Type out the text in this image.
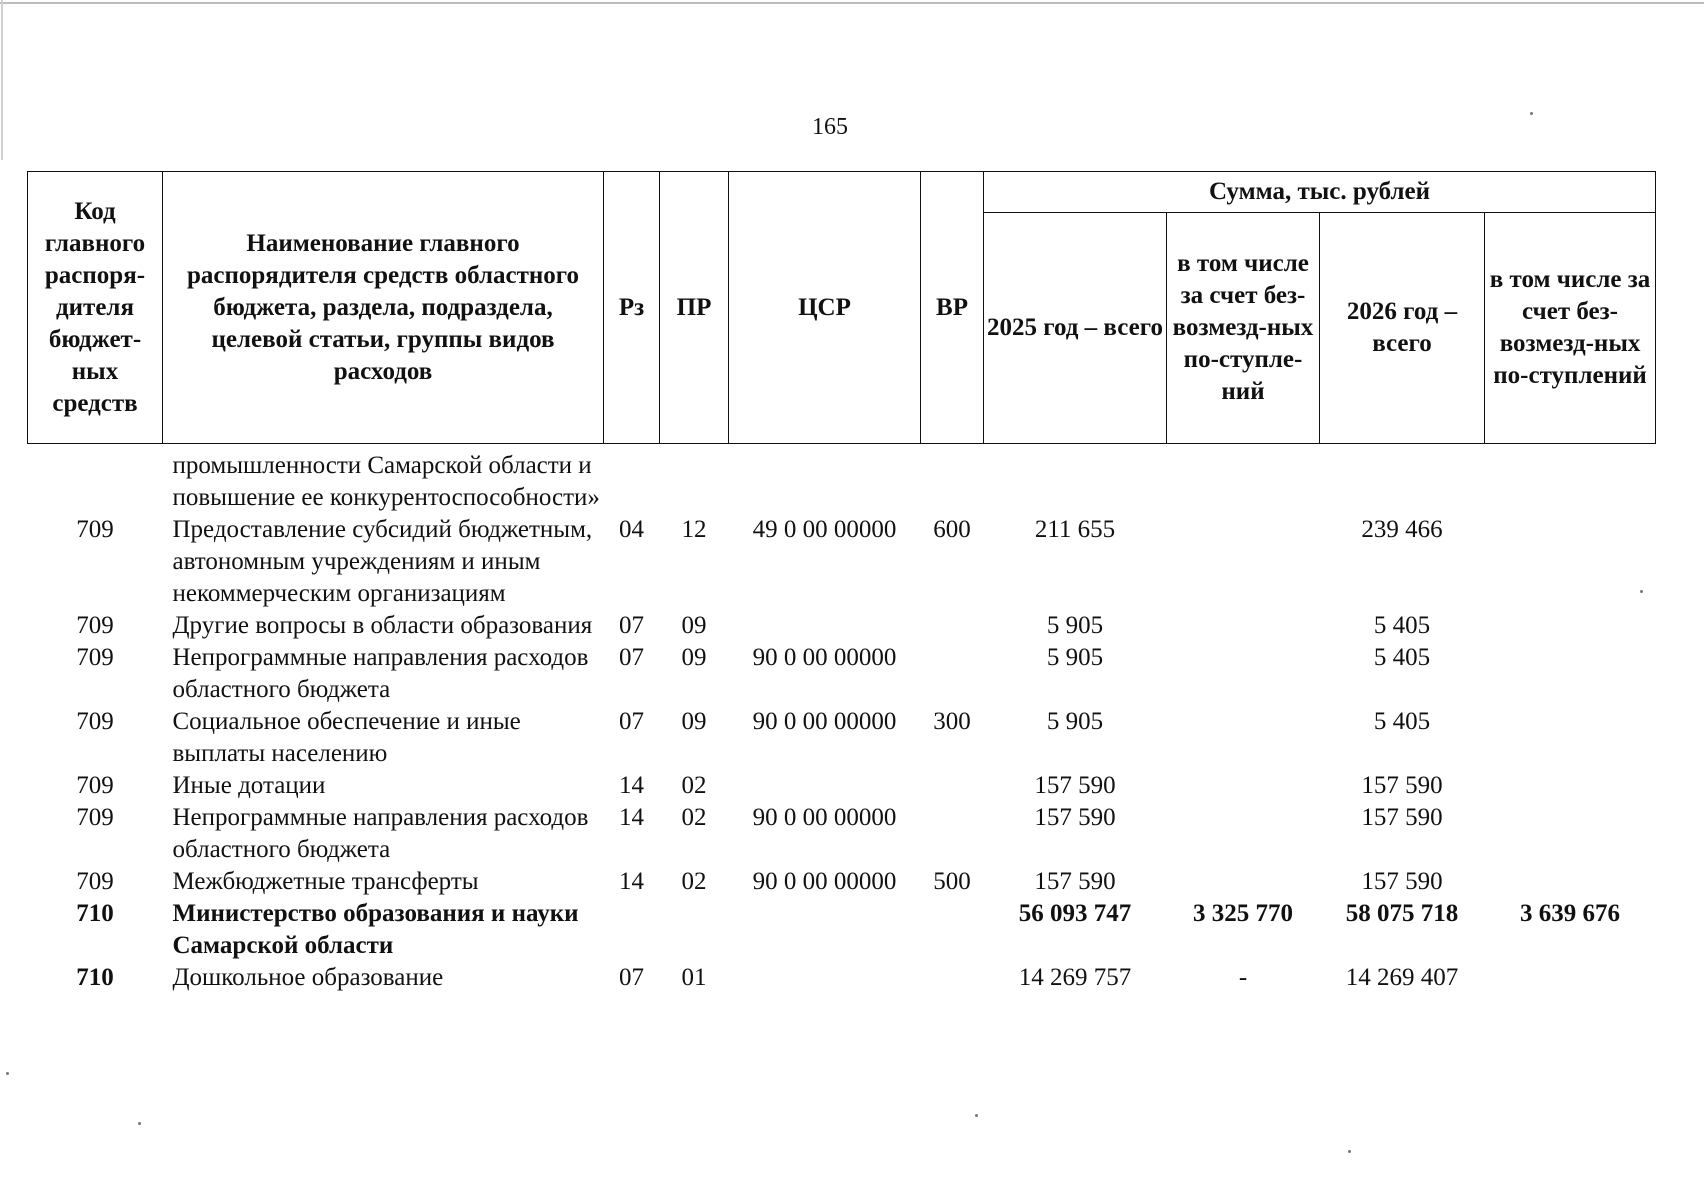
165
Код главного распоря-дителя бюджет-ных средств	Наименование главного распорядителя средств областного бюджета, раздела, подраздела, целевой статьи, группы видов расходов	Рз	ПР	ЦСР	ВР	Сумма, тыс. рублей			
						2025 год – всего	в том числе за счет без-возмезд-ных по-ступле-ний	2026 год – всего	в том числе за счет без-возмезд-ных по-ступлений
	промышленности Самарской области и повышение ее конкурентоспособности»								
709	Предоставление субсидий бюджетным, автономным учреждениям и иным некоммерческим организациям	04	12	49 0 00 00000	600	211 655		239 466	
709	Другие вопросы в области образования	07	09			5 905		5 405	
709	Непрограммные направления расходов областного бюджета	07	09	90 0 00 00000		5 905		5 405	
709	Социальное обеспечение и иные выплаты населению	07	09	90 0 00 00000	300	5 905		5 405	
709	Иные дотации	14	02			157 590		157 590	
709	Непрограммные направления расходов областного бюджета	14	02	90 0 00 00000		157 590		157 590	
709	Межбюджетные трансферты	14	02	90 0 00 00000	500	157 590		157 590	
710	Министерство образования и науки Самарской области					56 093 747	3 325 770	58 075 718	3 639 676
710	Дошкольное образование	07	01			14 269 757	-	14 269 407	
